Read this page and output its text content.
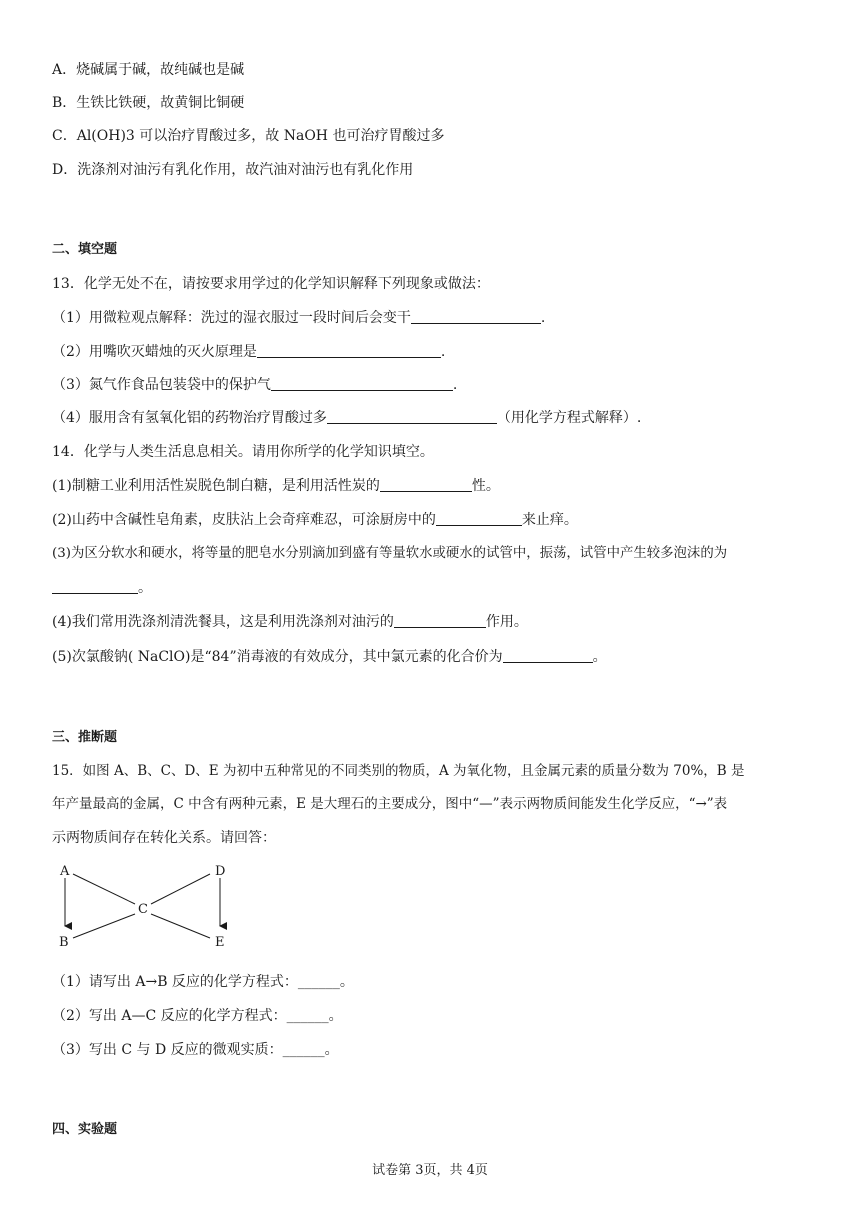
A．烧碱属于碱，故纯碱也是碱
B．生铁比铁硬，故黄铜比铜硬
C．Al(OH)3 可以治疗胃酸过多，故 NaOH 也可治疗胃酸过多
D．洗涤剂对油污有乳化作用，故汽油对油污也有乳化作用
二、填空题
13．化学无处不在，请按要求用学过的化学知识解释下列现象或做法：
（1）用微粒观点解释：洗过的湿衣服过一段时间后会变干	.
（2）用嘴吹灭蜡烛的灭火原理是	.
（3）氮气作食品包装袋中的保护气	.
（4）服用含有氢氧化铝的药物治疗胃酸过多	（用化学方程式解释）.
14．化学与人类生活息息相关。请用你所学的化学知识填空。
(1)制糖工业利用活性炭脱色制白糖，是利用活性炭的	性。
(2)山药中含碱性皂角素，皮肤沾上会奇痒难忍，可涂厨房中的	来止痒。
(3)为区分软水和硬水，将等量的肥皂水分别滴加到盛有等量软水或硬水的试管中，振荡，试管中产生较多泡沫的为
。
(4)我们常用洗涤剂清洗餐具，这是利用洗涤剂对油污的	作用。
(5)次氯酸钠( NaClO)是“84”消毒液的有效成分，其中氯元素的化合价为	。
三、推断题
15．如图 A、B、C、D、E 为初中五种常见的不同类别的物质，A 为氧化物，且金属元素的质量分数为 70%，B 是
年产量最高的金属，C 中含有两种元素，E 是大理石的主要成分，图中“—”表示两物质间能发生化学反应，“→”表
示两物质间存在转化关系。请回答：
A
B
C
D
E
（1）请写出 A→B 反应的化学方程式：______。
（2）写出 A—C 反应的化学方程式：______。
（3）写出 C 与 D 反应的微观实质：______。
四、实验题
试卷第 3页，共 4页
